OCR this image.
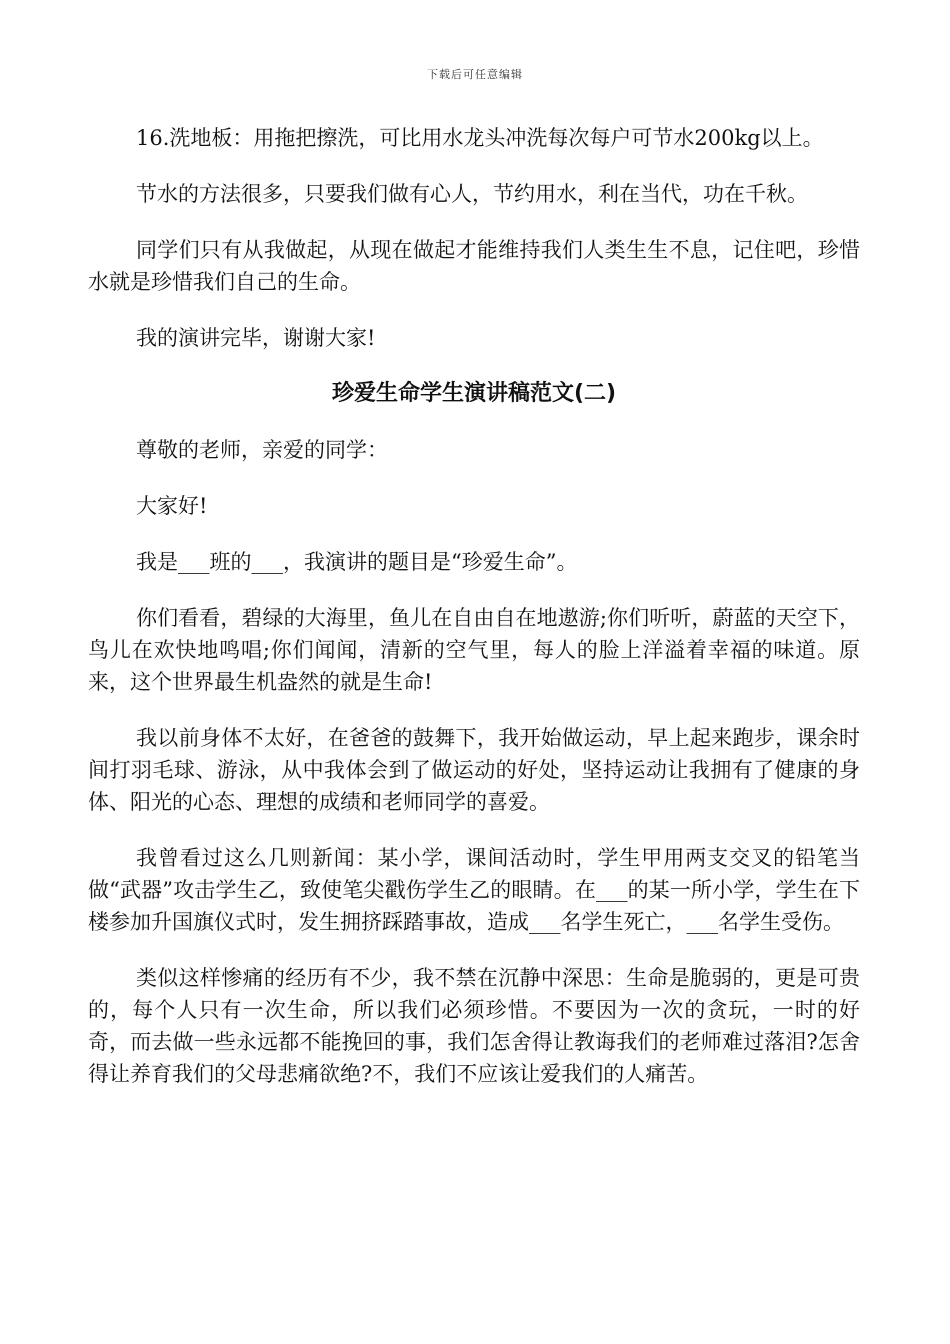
下载后可任意编辑

16.洗地板：用拖把擦洗，可比用水龙头冲洗每次每户可节水200kg以上。

节水的方法很多，只要我们做有心人，节约用水，利在当代，功在千秋。

同学们只有从我做起，从现在做起才能维持我们人类生生不息，记住吧，珍惜水就是珍惜我们自己的生命。

我的演讲完毕，谢谢大家!

珍爱生命学生演讲稿范文(二)

尊敬的老师，亲爱的同学：

大家好!

我是___班的___，我演讲的题目是“珍爱生命”。

你们看看，碧绿的大海里，鱼儿在自由自在地遨游;你们听听，蔚蓝的天空下，鸟儿在欢快地鸣唱;你们闻闻，清新的空气里，每人的脸上洋溢着幸福的味道。原来，这个世界最生机盎然的就是生命!

我以前身体不太好，在爸爸的鼓舞下，我开始做运动，早上起来跑步，课余时间打羽毛球、游泳，从中我体会到了做运动的好处，坚持运动让我拥有了健康的身体、阳光的心态、理想的成绩和老师同学的喜爱。

我曾看过这么几则新闻：某小学，课间活动时，学生甲用两支交叉的铅笔当做“武器”攻击学生乙，致使笔尖戳伤学生乙的眼睛。在___的某一所小学，学生在下楼参加升国旗仪式时，发生拥挤踩踏事故，造成___名学生死亡，___名学生受伤。

类似这样惨痛的经历有不少，我不禁在沉静中深思：生命是脆弱的，更是可贵的，每个人只有一次生命，所以我们必须珍惜。不要因为一次的贪玩，一时的好奇，而去做一些永远都不能挽回的事，我们怎舍得让教诲我们的老师难过落泪?怎舍得让养育我们的父母悲痛欲绝?不，我们不应该让爱我们的人痛苦。
